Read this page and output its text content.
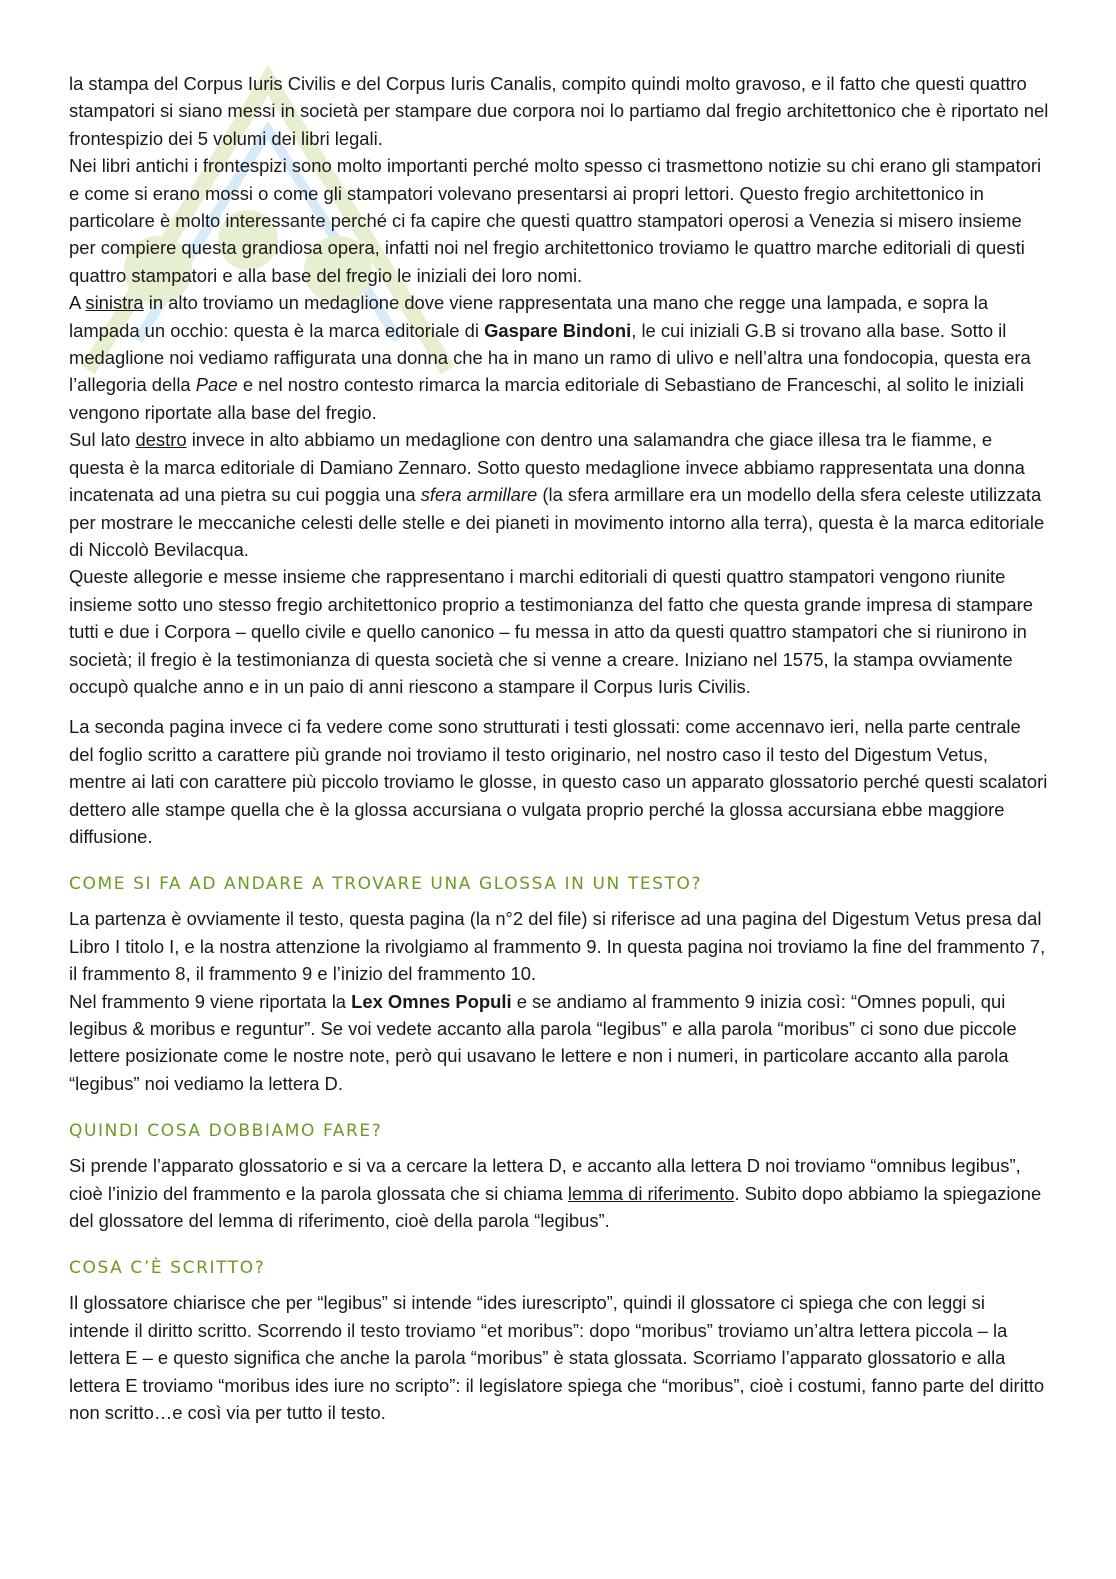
la stampa del Corpus Iuris Civilis e del Corpus Iuris Canalis, compito quindi molto gravoso, e il fatto che questi quattro stampatori si siano messi in società per stampare due corpora noi lo partiamo dal fregio architettonico che è riportato nel frontespizio dei 5 volumi dei libri legali.

Nei libri antichi i frontespizi sono molto importanti perché molto spesso ci trasmettono notizie su chi erano gli stampatori e come si erano mossi o come gli stampatori volevano presentarsi ai propri lettori. Questo fregio architettonico in particolare è molto interessante perché ci fa capire che questi quattro stampatori operosi a Venezia si misero insieme per compiere questa grandiosa opera, infatti noi nel fregio architettonico troviamo le quattro marche editoriali di questi quattro stampatori e alla base del fregio le iniziali dei loro nomi.

A sinistra in alto troviamo un medaglione dove viene rappresentata una mano che regge una lampada, e sopra la lampada un occhio: questa è la marca editoriale di Gaspare Bindoni, le cui iniziali G.B si trovano alla base. Sotto il medaglione noi vediamo raffigurata una donna che ha in mano un ramo di ulivo e nell’altra una fondocopia, questa era l’allegoria della Pace e nel nostro contesto rimarca la marcia editoriale di Sebastiano de Franceschi, al solito le iniziali vengono riportate alla base del fregio.

Sul lato destro invece in alto abbiamo un medaglione con dentro una salamandra che giace illesa tra le fiamme, e questa è la marca editoriale di Damiano Zennaro. Sotto questo medaglione invece abbiamo rappresentata una donna incatenata ad una pietra su cui poggia una sfera armillare (la sfera armillare era un modello della sfera celeste utilizzata per mostrare le meccaniche celesti delle stelle e dei pianeti in movimento intorno alla terra), questa è la marca editoriale di Niccolò Bevilacqua.

Queste allegorie e messe insieme che rappresentano i marchi editoriali di questi quattro stampatori vengono riunite insieme sotto uno stesso fregio architettonico proprio a testimonianza del fatto che questa grande impresa di stampare tutti e due i Corpora – quello civile e quello canonico – fu messa in atto da questi quattro stampatori che si riunirono in società; il fregio è la testimonianza di questa società che si venne a creare. Iniziano nel 1575, la stampa ovviamente occupò qualche anno e in un paio di anni riescono a stampare il Corpus Iuris Civilis.

La seconda pagina invece ci fa vedere come sono strutturati i testi glossati: come accennavo ieri, nella parte centrale del foglio scritto a carattere più grande noi troviamo il testo originario, nel nostro caso il testo del Digestum Vetus, mentre ai lati con carattere più piccolo troviamo le glosse, in questo caso un apparato glossatorio perché questi scalatori dettero alle stampe quella che è la glossa accursiana o vulgata proprio perché la glossa accursiana ebbe maggiore diffusione.

COME SI FA AD ANDARE A TROVARE UNA GLOSSA IN UN TESTO?

La partenza è ovviamente il testo, questa pagina (la n°2 del file) si riferisce ad una pagina del Digestum Vetus presa dal Libro I titolo I, e la nostra attenzione la rivolgiamo al frammento 9. In questa pagina noi troviamo la fine del frammento 7, il frammento 8, il frammento 9 e l’inizio del frammento 10.

Nel frammento 9 viene riportata la Lex Omnes Populi e se andiamo al frammento 9 inizia così: “Omnes populi, qui legibus & moribus e reguntur”. Se voi vedete accanto alla parola “legibus” e alla parola “moribus” ci sono due piccole lettere posizionate come le nostre note, però qui usavano le lettere e non i numeri, in particolare accanto alla parola “legibus” noi vediamo la lettera D.

QUINDI COSA DOBBIAMO FARE?

Si prende l’apparato glossatorio e si va a cercare la lettera D, e accanto alla lettera D noi troviamo “omnibus legibus”, cioè l’inizio del frammento e la parola glossata che si chiama lemma di riferimento. Subito dopo abbiamo la spiegazione del glossatore del lemma di riferimento, cioè della parola “legibus”.

COSA C’È SCRITTO?

Il glossatore chiarisce che per “legibus” si intende “ides iurescripto”, quindi il glossatore ci spiega che con leggi si intende il diritto scritto. Scorrendo il testo troviamo “et moribus”: dopo “moribus” troviamo un’altra lettera piccola – la lettera E – e questo significa che anche la parola “moribus” è stata glossata. Scorriamo l’apparato glossatorio e alla lettera E troviamo “moribus ides iure no scripto”: il legislatore spiega che “moribus”, cioè i costumi, fanno parte del diritto non scritto…e così via per tutto il testo.
